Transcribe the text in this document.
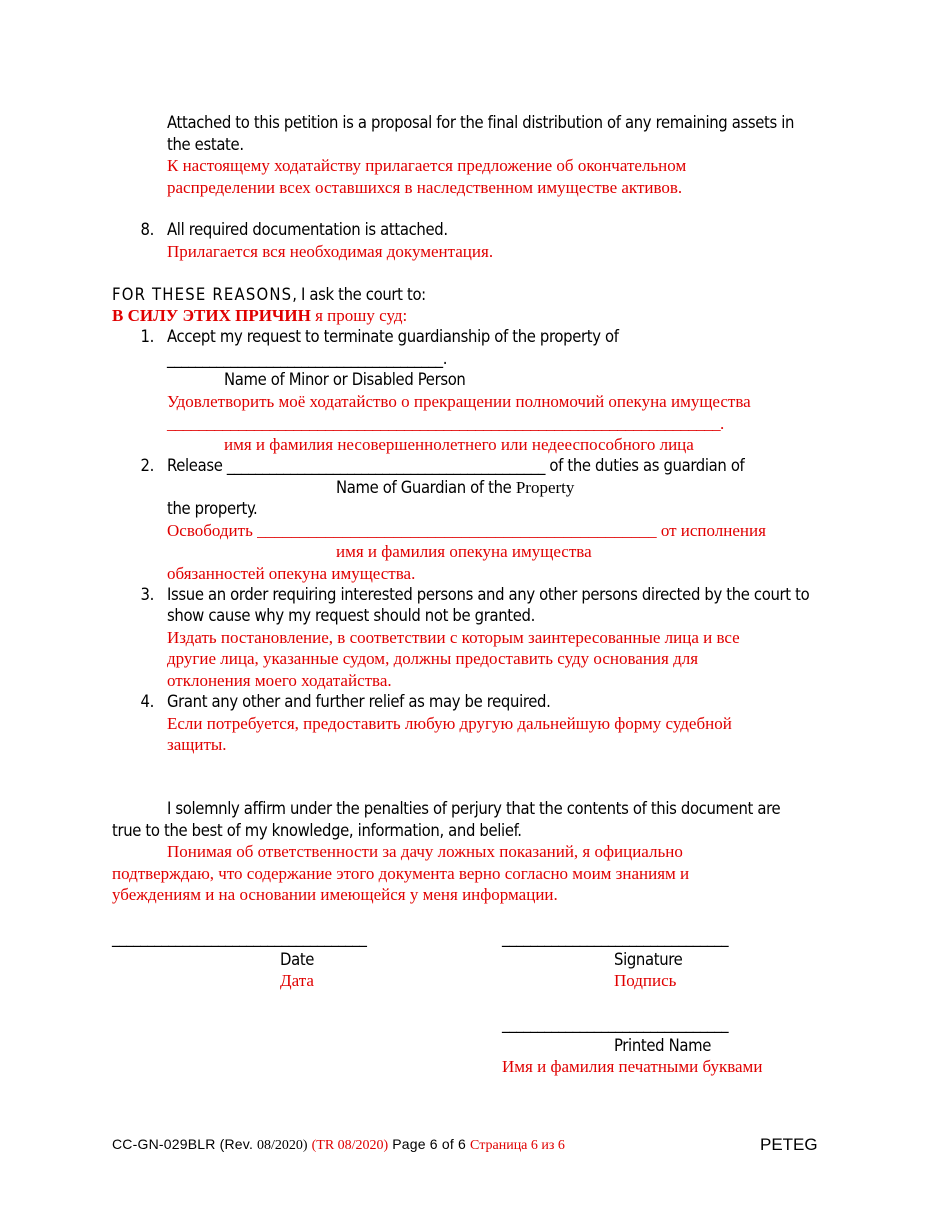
Attached to this petition is a proposal for the final distribution of any remaining assets in
the estate.
К настоящему ходатайству прилагается предложение об окончательном
распределении всех оставшихся в наследственном имуществе активов.
8. All required documentation is attached.
Прилагается вся необходимая документация.
FOR THESE REASONS, I ask the court to:
В СИЛУ ЭТИХ ПРИЧИН я прошу суд:
1. Accept my request to terminate guardianship of the property of
_______________________________________.
Name of Minor or Disabled Person
Удовлетворить моё ходатайство о прекращении полномочий опекуна имущества
______________________________________________________________________.
имя и фамилия несовершеннолетнего или недееспособного лица
2. Release _____________________________________________ of the duties as guardian of
Name of Guardian of the Property
the property.
Освободить _______________________________________________ от исполнения
имя и фамилия опекуна имущества
обязанностей опекуна имущества.
3. Issue an order requiring interested persons and any other persons directed by the court to
show cause why my request should not be granted.
Издать постановление, в соответствии с которым заинтересованные лица и все
другие лица, указанные судом, должны предоставить суду основания для
отклонения моего ходатайства.
4. Grant any other and further relief as may be required.
Если потребуется, предоставить любую другую дальнейшую форму судебной
защиты.
I solemnly affirm under the penalties of perjury that the contents of this document are
true to the best of my knowledge, information, and belief.
Понимая об ответственности за дачу ложных показаний, я официально
подтверждаю, что содержание этого документа верно согласно моим знаниям и
убеждениям и на основании имеющейся у меня информации.
____________________________________
Date
Дата
________________________________
Signature
Подпись
________________________________
Printed Name
Имя и фамилия печатными буквами
CC-GN-029BLR (Rev. 08/2020) (TR 08/2020) Page 6 of 6 Страница 6 из 6	PETEG
